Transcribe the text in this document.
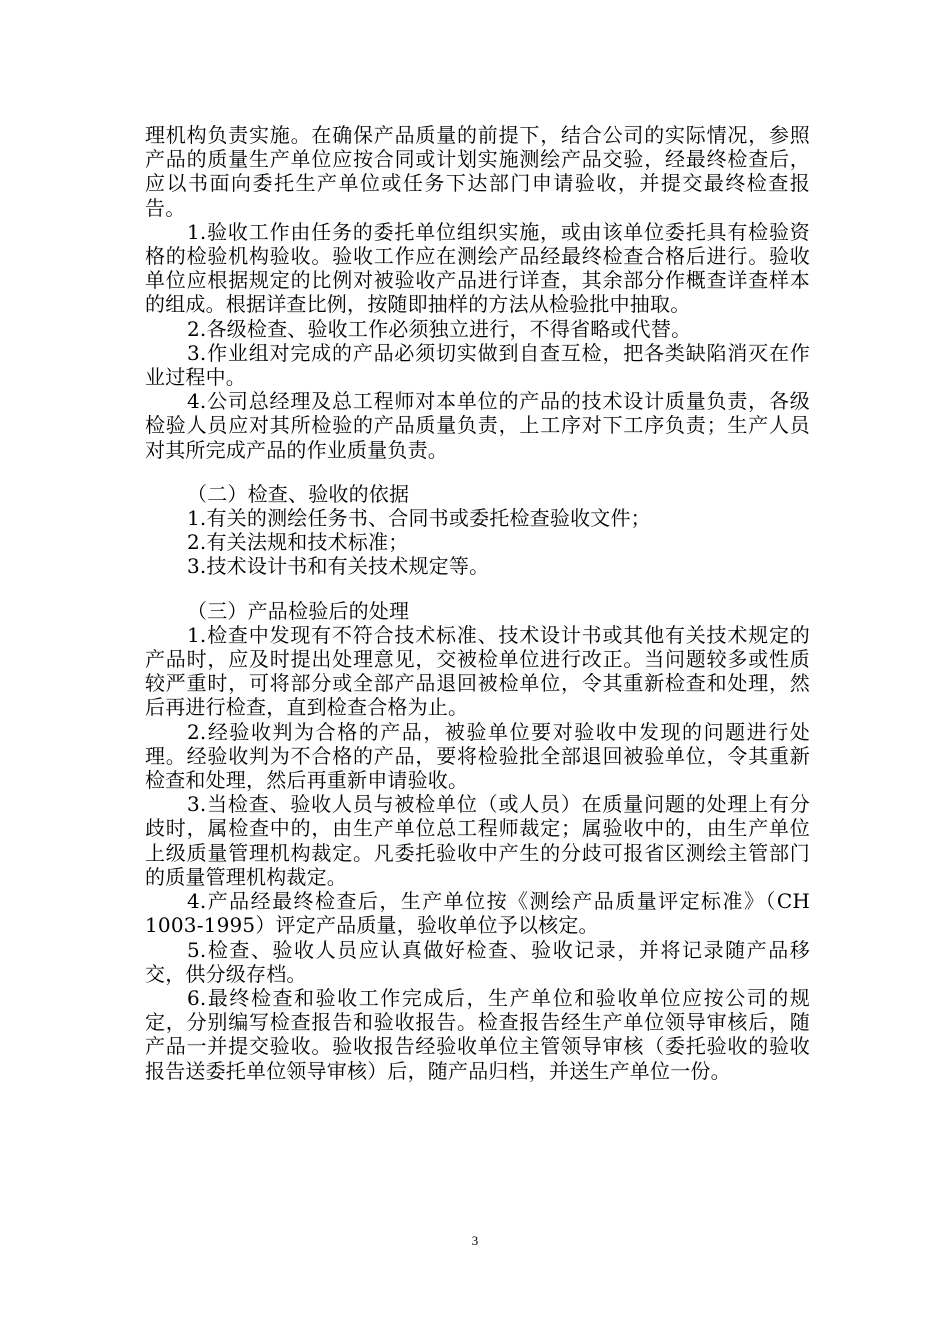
理机构负责实施。在确保产品质量的前提下，结合公司的实际情况，参照产品的质量生产单位应按合同或计划实施测绘产品交验，经最终检查后，应以书面向委托生产单位或任务下达部门申请验收，并提交最终检查报告。

1.验收工作由任务的委托单位组织实施，或由该单位委托具有检验资格的检验机构验收。验收工作应在测绘产品经最终检查合格后进行。验收单位应根据规定的比例对被验收产品进行详查，其余部分作概查详查样本的组成。根据详查比例，按随即抽样的方法从检验批中抽取。

2.各级检查、验收工作必须独立进行，不得省略或代替。

3.作业组对完成的产品必须切实做到自查互检，把各类缺陷消灭在作业过程中。

4.公司总经理及总工程师对本单位的产品的技术设计质量负责，各级检验人员应对其所检验的产品质量负责，上工序对下工序负责；生产人员对其所完成产品的作业质量负责。

（二）检查、验收的依据

1.有关的测绘任务书、合同书或委托检查验收文件；

2.有关法规和技术标准；

3.技术设计书和有关技术规定等。

（三）产品检验后的处理

1.检查中发现有不符合技术标准、技术设计书或其他有关技术规定的产品时，应及时提出处理意见，交被检单位进行改正。当问题较多或性质较严重时，可将部分或全部产品退回被检单位，令其重新检查和处理，然后再进行检查，直到检查合格为止。

2.经验收判为合格的产品，被验单位要对验收中发现的问题进行处理。经验收判为不合格的产品，要将检验批全部退回被验单位，令其重新检查和处理，然后再重新申请验收。

3.当检查、验收人员与被检单位（或人员）在质量问题的处理上有分歧时，属检查中的，由生产单位总工程师裁定；属验收中的，由生产单位上级质量管理机构裁定。凡委托验收中产生的分歧可报省区测绘主管部门的质量管理机构裁定。

4.产品经最终检查后，生产单位按《测绘产品质量评定标准》（CH 1003-1995）评定产品质量，验收单位予以核定。

5.检查、验收人员应认真做好检查、验收记录，并将记录随产品移交，供分级存档。

6.最终检查和验收工作完成后，生产单位和验收单位应按公司的规定，分别编写检查报告和验收报告。检查报告经生产单位领导审核后，随产品一并提交验收。验收报告经验收单位主管领导审核（委托验收的验收报告送委托单位领导审核）后，随产品归档，并送生产单位一份。

3
